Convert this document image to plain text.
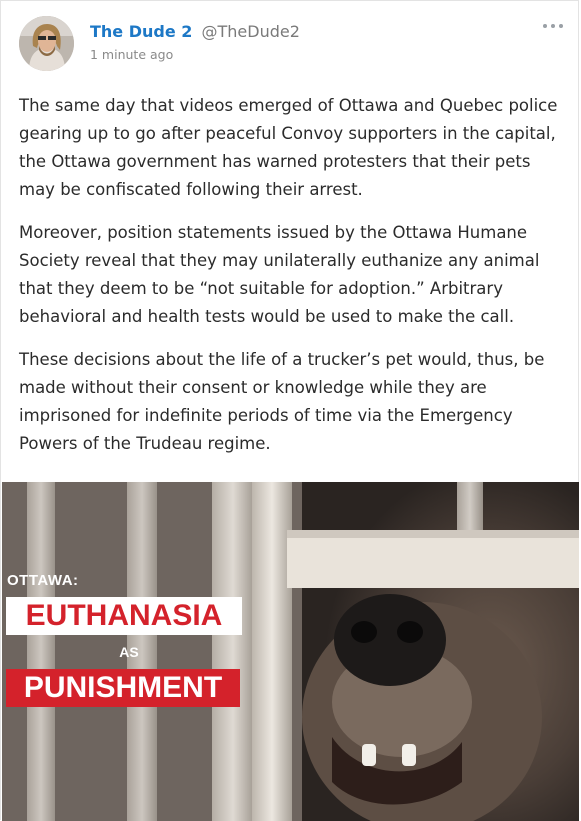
The Dude 2 @TheDude2
1 minute ago

The same day that videos emerged of Ottawa and Quebec police gearing up to go after peaceful Convoy supporters in the capital, the Ottawa government has warned protesters that their pets may be confiscated following their arrest.

Moreover, position statements issued by the Ottawa Humane Society reveal that they may unilaterally euthanize any animal that they deem to be “not suitable for adoption.” Arbitrary behavioral and health tests would be used to make the call.

These decisions about the life of a trucker’s pet would, thus, be made without their consent or knowledge while they are imprisoned for indefinite periods of time via the Emergency Powers of the Trudeau regime.

OTTAWA:
EUTHANASIA
AS
PUNISHMENT
